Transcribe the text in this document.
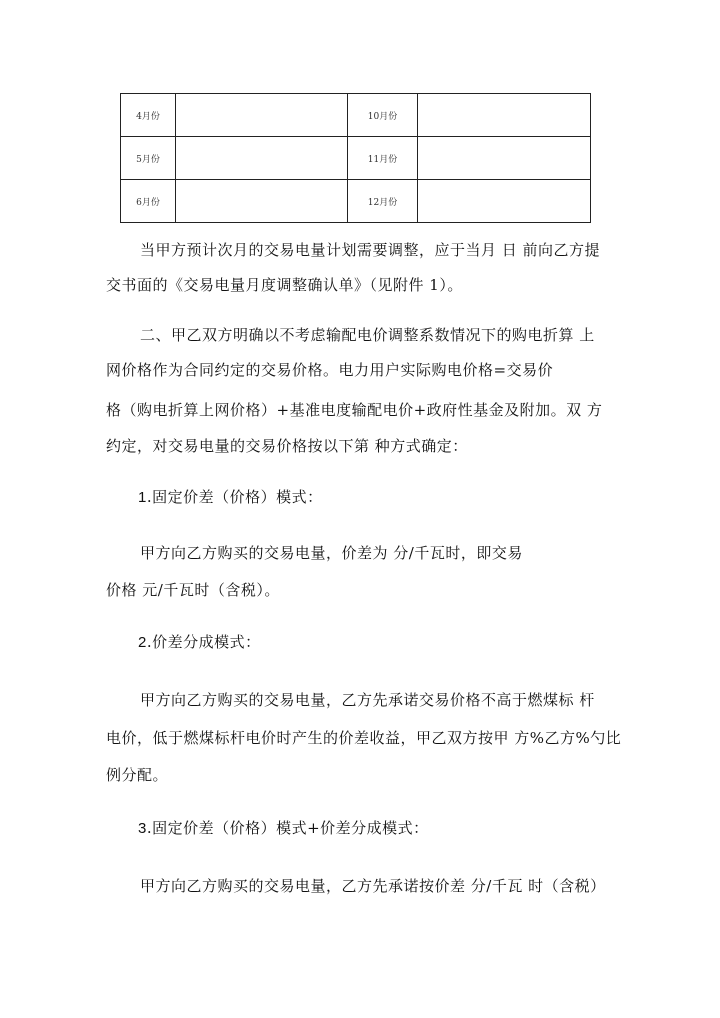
4月份		10月份	
5月份		11月份	
6月份		12月份	
当甲方预计次月的交易电量计划需要调整，应于当月 日 前向乙方提
交书面的《交易电量月度调整确认单》（见附件 1）。
二、甲乙双方明确以不考虑输配电价调整系数情况下的购电折算 上
网价格作为合同约定的交易价格。电力用户实际购电价格=交易价
格（购电折算上网价格）+基准电度输配电价+政府性基金及附加。双 方
约定，对交易电量的交易价格按以下第 种方式确定：
1.固定价差（价格）模式：
甲方向乙方购买的交易电量，价差为 分/千瓦时，即交易
价格 元/千瓦时（含税）。
2.价差分成模式：
甲方向乙方购买的交易电量，乙方先承诺交易价格不高于燃煤标 杆
电价，低于燃煤标杆电价时产生的价差收益，甲乙双方按甲 方%乙方%勺比
例分配。
3.固定价差（价格）模式+价差分成模式：
甲方向乙方购买的交易电量，乙方先承诺按价差 分/千瓦 时（含税）
